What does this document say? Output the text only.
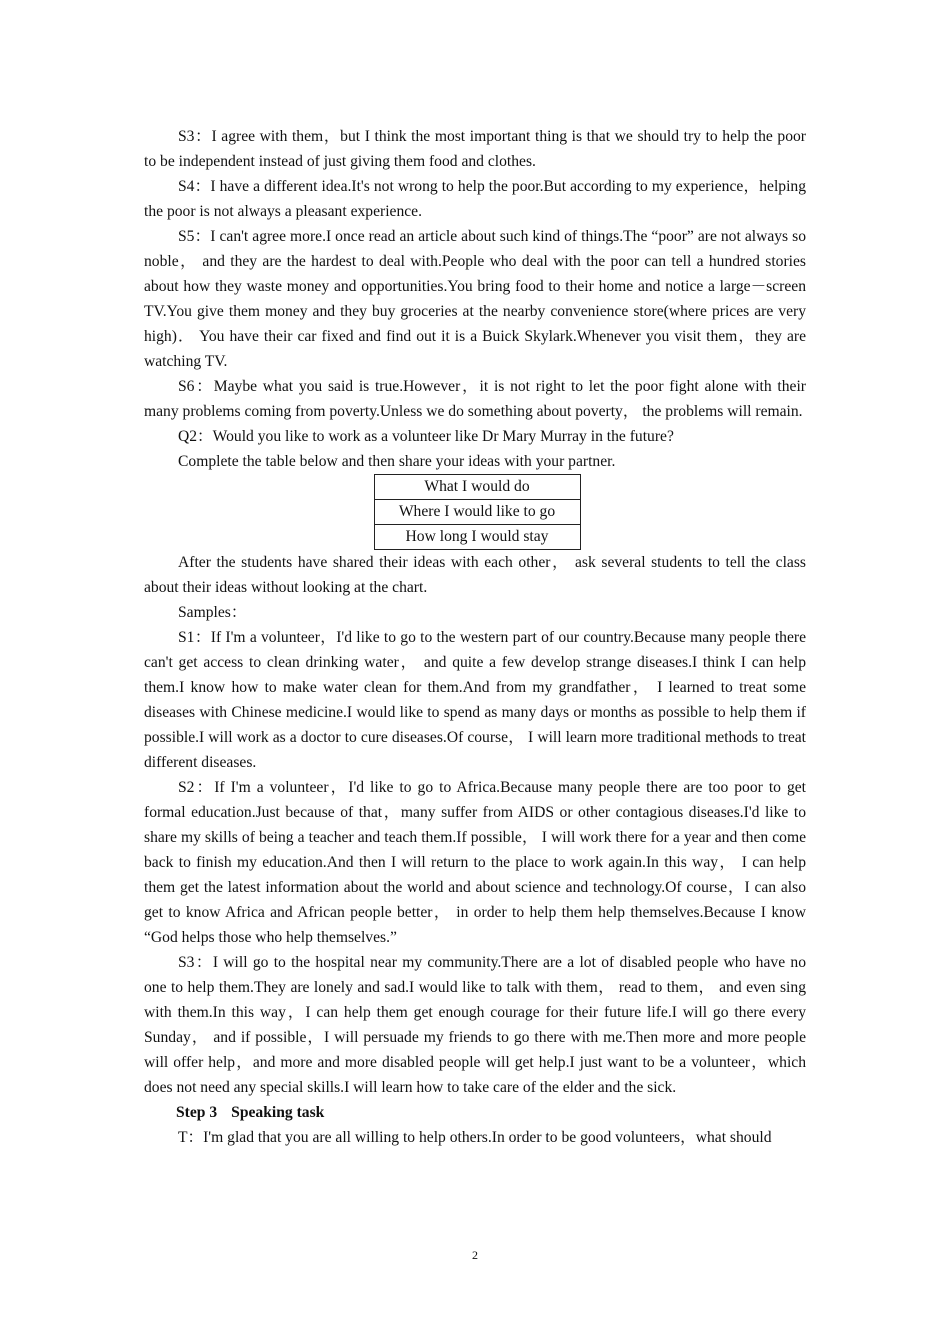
S3：I agree with them，but I think the most important thing is that we should try to help the poor to be independent instead of just giving them food and clothes.

S4：I have a different idea.It's not wrong to help the poor.But according to my experience，helping the poor is not always a pleasant experience.

S5：I can't agree more.I once read an article about such kind of things.The “poor” are not always so noble， and they are the hardest to deal with.People who deal with the poor can tell a hundred stories about how they waste money and opportunities.You bring food to their home and notice a large－screen TV.You give them money and they buy groceries at the nearby convenience store(where prices are very high)． You have their car fixed and find out it is a Buick Skylark.Whenever you visit them，they are watching TV.

S6：Maybe what you said is true.However，it is not right to let the poor fight alone with their many problems coming from poverty.Unless we do something about poverty， the problems will remain.

Q2：Would you like to work as a volunteer like Dr Mary Murray in the future?

Complete the table below and then share your ideas with your partner.

What I would do
Where I would like to go
How long I would stay

After the students have shared their ideas with each other， ask several students to tell the class about their ideas without looking at the chart.

Samples：

S1：If I'm a volunteer，I'd like to go to the western part of our country.Because many people there can't get access to clean drinking water， and quite a few develop strange diseases.I think I can help them.I know how to make water clean for them.And from my grandfather， I learned to treat some diseases with Chinese medicine.I would like to spend as many days or months as possible to help them if possible.I will work as a doctor to cure diseases.Of course， I will learn more traditional methods to treat different diseases.

S2：If I'm a volunteer，I'd like to go to Africa.Because many people there are too poor to get formal education.Just because of that，many suffer from AIDS or other contagious diseases.I'd like to share my skills of being a teacher and teach them.If possible， I will work there for a year and then come back to finish my education.And then I will return to the place to work again.In this way， I can help them get the latest information about the world and about science and technology.Of course，I can also get to know Africa and African people better， in order to help them help themselves.Because I know “God helps those who help themselves.”

S3：I will go to the hospital near my community.There are a lot of disabled people who have no one to help them.They are lonely and sad.I would like to talk with them， read to them， and even sing with them.In this way，I can help them get enough courage for their future life.I will go there every Sunday， and if possible，I will persuade my friends to go there with me.Then more and more people will offer help，and more and more disabled people will get help.I just want to be a volunteer，which does not need any special skills.I will learn how to take care of the elder and the sick.

Step 3 Speaking task

T：I'm glad that you are all willing to help others.In order to be good volunteers，what should

2
